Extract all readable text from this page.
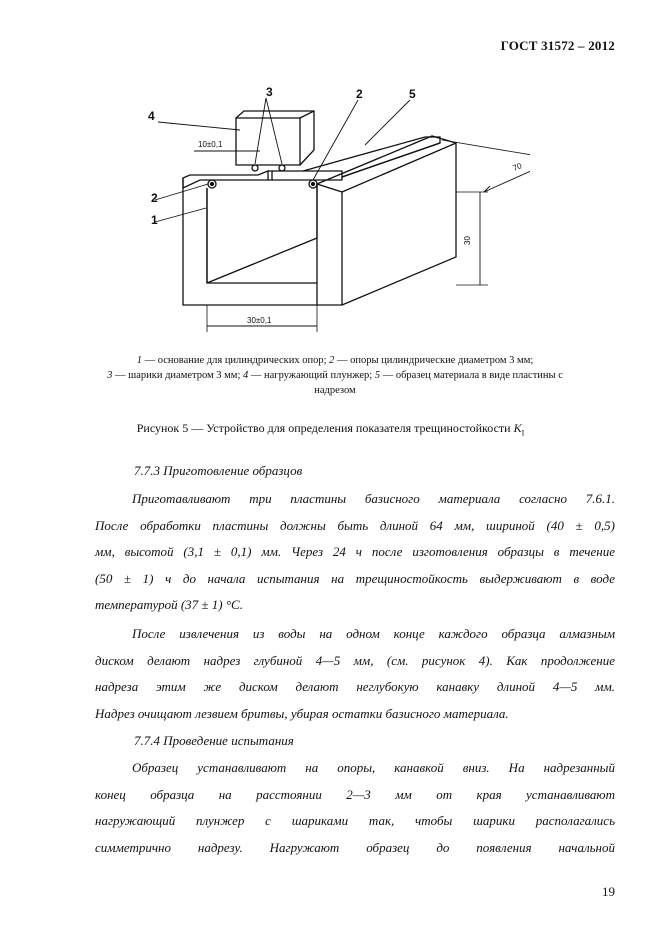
ГОСТ 31572 – 2012
4
3	2	5
2
1
10±0,1
70
30
30±0,1
1 — основание для цилиндрических опор; 2 — опоры цилиндрические диаметром 3 мм;
3 — шарики диаметром 3 мм; 4 — нагружающий плунжер; 5 — образец материала в виде пластины с надрезом
Рисунок 5 — Устройство для определения показателя трещиностойкости $K_I$
7.7.3 Приготовление образцов
Приготавливают три пластины базисного материала согласно 7.6.1.
После обработки пластины должны быть длиной 64 мм, шириной (40 ± 0,5)
мм, высотой (3,1 ± 0,1) мм. Через 24 ч после изготовления образцы в течение
(50 ± 1) ч до начала испытания на трещиностойкость выдерживают в воде
температурой (37 ± 1) °С.
После извлечения из воды на одном конце каждого образца алмазным
диском делают надрез глубиной 4—5 мм, (см. рисунок 4). Как продолжение
надреза этим же диском делают неглубокую канавку длиной 4—5 мм.
Надрез очищают лезвием бритвы, убирая остатки базисного материала.
7.7.4 Проведение испытания
Образец устанавливают на опоры, канавкой вниз. На надрезанный
конец образца на расстоянии 2—3 мм от края устанавливают
нагружающий плунжер с шариками так, чтобы шарики располагались
симметрично надрезу. Нагружают образец до появления начальной
19
